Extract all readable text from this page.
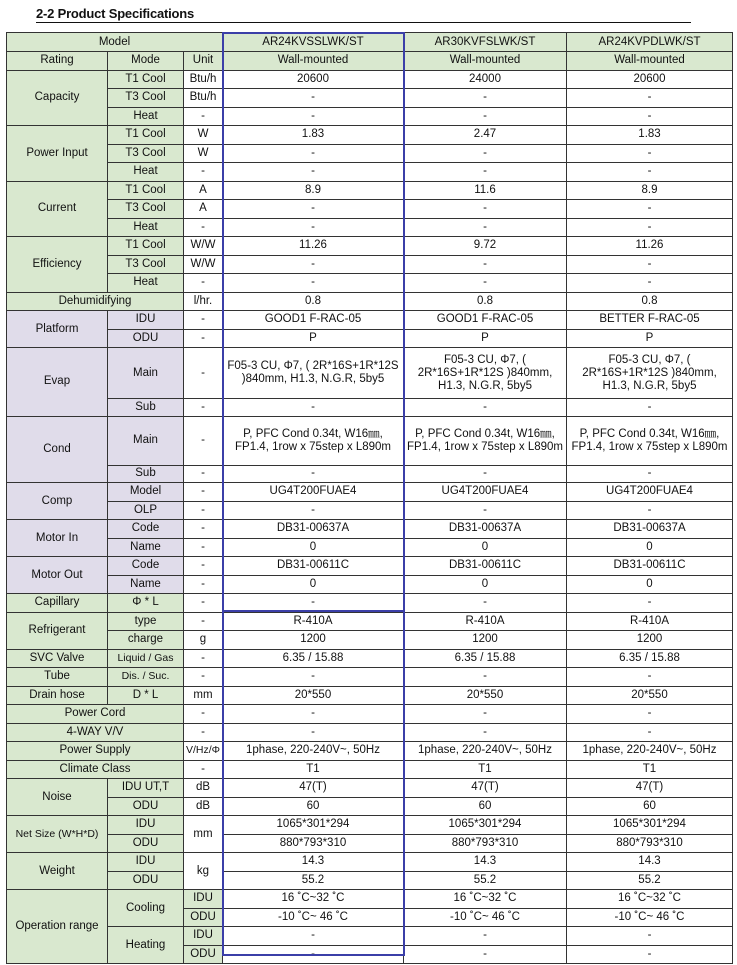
2-2 Product Specifications
Model			AR24KVSSLWK/ST	AR30KVFSLWK/ST	AR24KVPDLWK/ST
Rating	Mode	Unit	Wall-mounted	Wall-mounted	Wall-mounted
Capacity	T1 Cool	Btu/h	20600	24000	20600
	T3 Cool	Btu/h	-	-	-
	Heat	-	-	-	-
Power Input	T1 Cool	W	1.83	2.47	1.83
	T3 Cool	W	-	-	-
	Heat	-	-	-	-
Current	T1 Cool	A	8.9	11.6	8.9
	T3 Cool	A	-	-	-
	Heat	-	-	-	-
Efficiency	T1 Cool	W/W	11.26	9.72	11.26
	T3 Cool	W/W	-	-	-
	Heat	-	-	-	-
Dehumidifying		l/hr.	0.8	0.8	0.8
Platform	IDU	-	GOOD1 F-RAC-05	GOOD1 F-RAC-05	BETTER F-RAC-05
	ODU	-	P	P	P
Evap	Main	-	F05-3 CU, Φ7, ( 2R*16S+1R*12S )840mm, H1.3, N.G.R, 5by5	F05-3 CU, Φ7, ( 2R*16S+1R*12S )840mm, H1.3, N.G.R, 5by5	F05-3 CU, Φ7, ( 2R*16S+1R*12S )840mm, H1.3, N.G.R, 5by5
	Sub	-	-	-	-
Cond	Main	-	P, PFC Cond 0.34t, W16㎜, FP1.4, 1row x 75step x L890m	P, PFC Cond 0.34t, W16㎜, FP1.4, 1row x 75step x L890m	P, PFC Cond 0.34t, W16㎜, FP1.4, 1row x 75step x L890m
	Sub	-	-	-	-
Comp	Model	-	UG4T200FUAE4	UG4T200FUAE4	UG4T200FUAE4
	OLP	-	-	-	-
Motor In	Code	-	DB31-00637A	DB31-00637A	DB31-00637A
	Name	-	0	0	0
Motor Out	Code	-	DB31-00611C	DB31-00611C	DB31-00611C
	Name	-	0	0	0
Capillary	Φ * L	-	-	-	-
Refrigerant	type	-	R-410A	R-410A	R-410A
	charge	g	1200	1200	1200
SVC Valve	Liquid / Gas	-	6.35 / 15.88	6.35 / 15.88	6.35 / 15.88
Tube	Dis. / Suc.	-	-	-	-
Drain hose	D * L	mm	20*550	20*550	20*550
Power Cord		-	-	-	-
4-WAY V/V		-	-	-	-
Power Supply		V/Hz/Φ	1phase, 220-240V~, 50Hz	1phase, 220-240V~, 50Hz	1phase, 220-240V~, 50Hz
Climate Class		-	T1	T1	T1
Noise	IDU UT,T	dB	47(T)	47(T)	47(T)
	ODU	dB	60	60	60
Net Size (W*H*D)	IDU	mm	1065*301*294	1065*301*294	1065*301*294
	ODU		880*793*310	880*793*310	880*793*310
Weight	IDU	kg	14.3	14.3	14.3
	ODU		55.2	55.2	55.2
Operation range	Cooling	IDU	16 ˚C~32 ˚C	16 ˚C~32 ˚C	16 ˚C~32 ˚C
		ODU	-10 ˚C~ 46 ˚C	-10 ˚C~ 46 ˚C	-10 ˚C~ 46 ˚C
	Heating	IDU	-	-	-
		ODU	-	-	-
